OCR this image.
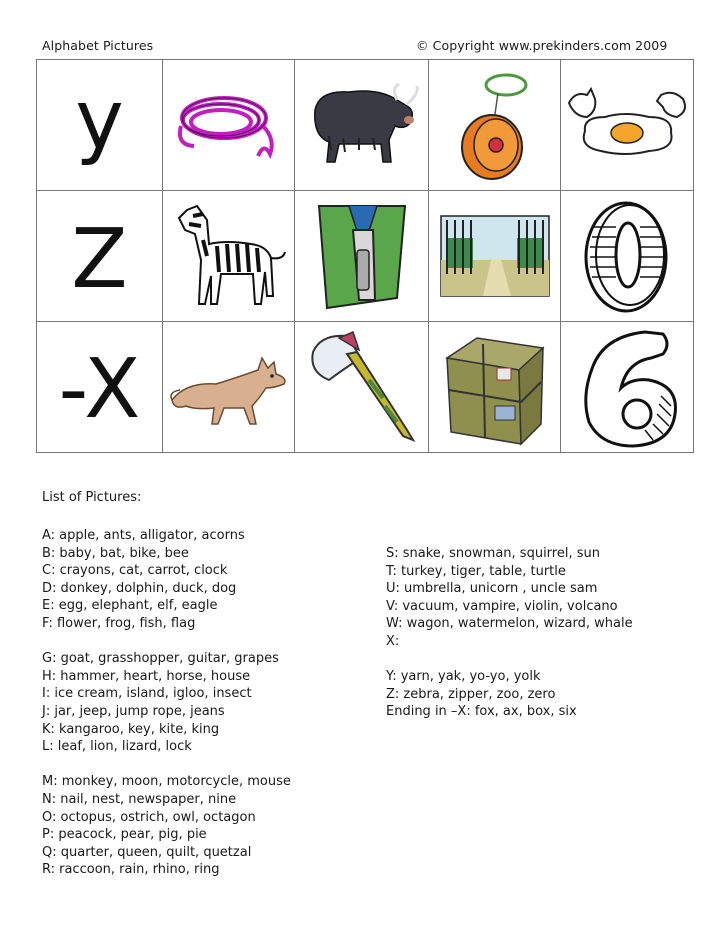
Alphabet Pictures	© Copyright www.prekinders.com 2009
y
Z
-X
List of Pictures:
A: apple, ants, alligator, acorns
B: baby, bat, bike, bee
C: crayons, cat, carrot, clock
D: donkey, dolphin, duck, dog
E: egg, elephant, elf, eagle
F: flower, frog, fish, flag
G: goat, grasshopper, guitar, grapes
H: hammer, heart, horse, house
I: ice cream, island, igloo, insect
J: jar, jeep, jump rope, jeans
K: kangaroo, key, kite, king
L: leaf, lion, lizard, lock
M: monkey, moon, motorcycle, mouse
N: nail, nest, newspaper, nine
O: octopus, ostrich, owl, octagon
P: peacock, pear, pig, pie
Q: quarter, queen, quilt, quetzal
R: raccoon, rain, rhino, ring
S: snake, snowman, squirrel, sun
T: turkey, tiger, table, turtle
U: umbrella, unicorn , uncle sam
V: vacuum, vampire, violin, volcano
W: wagon, watermelon, wizard, whale
X:
Y: yarn, yak, yo-yo, yolk
Z: zebra, zipper, zoo, zero
Ending in –X: fox, ax, box, six
